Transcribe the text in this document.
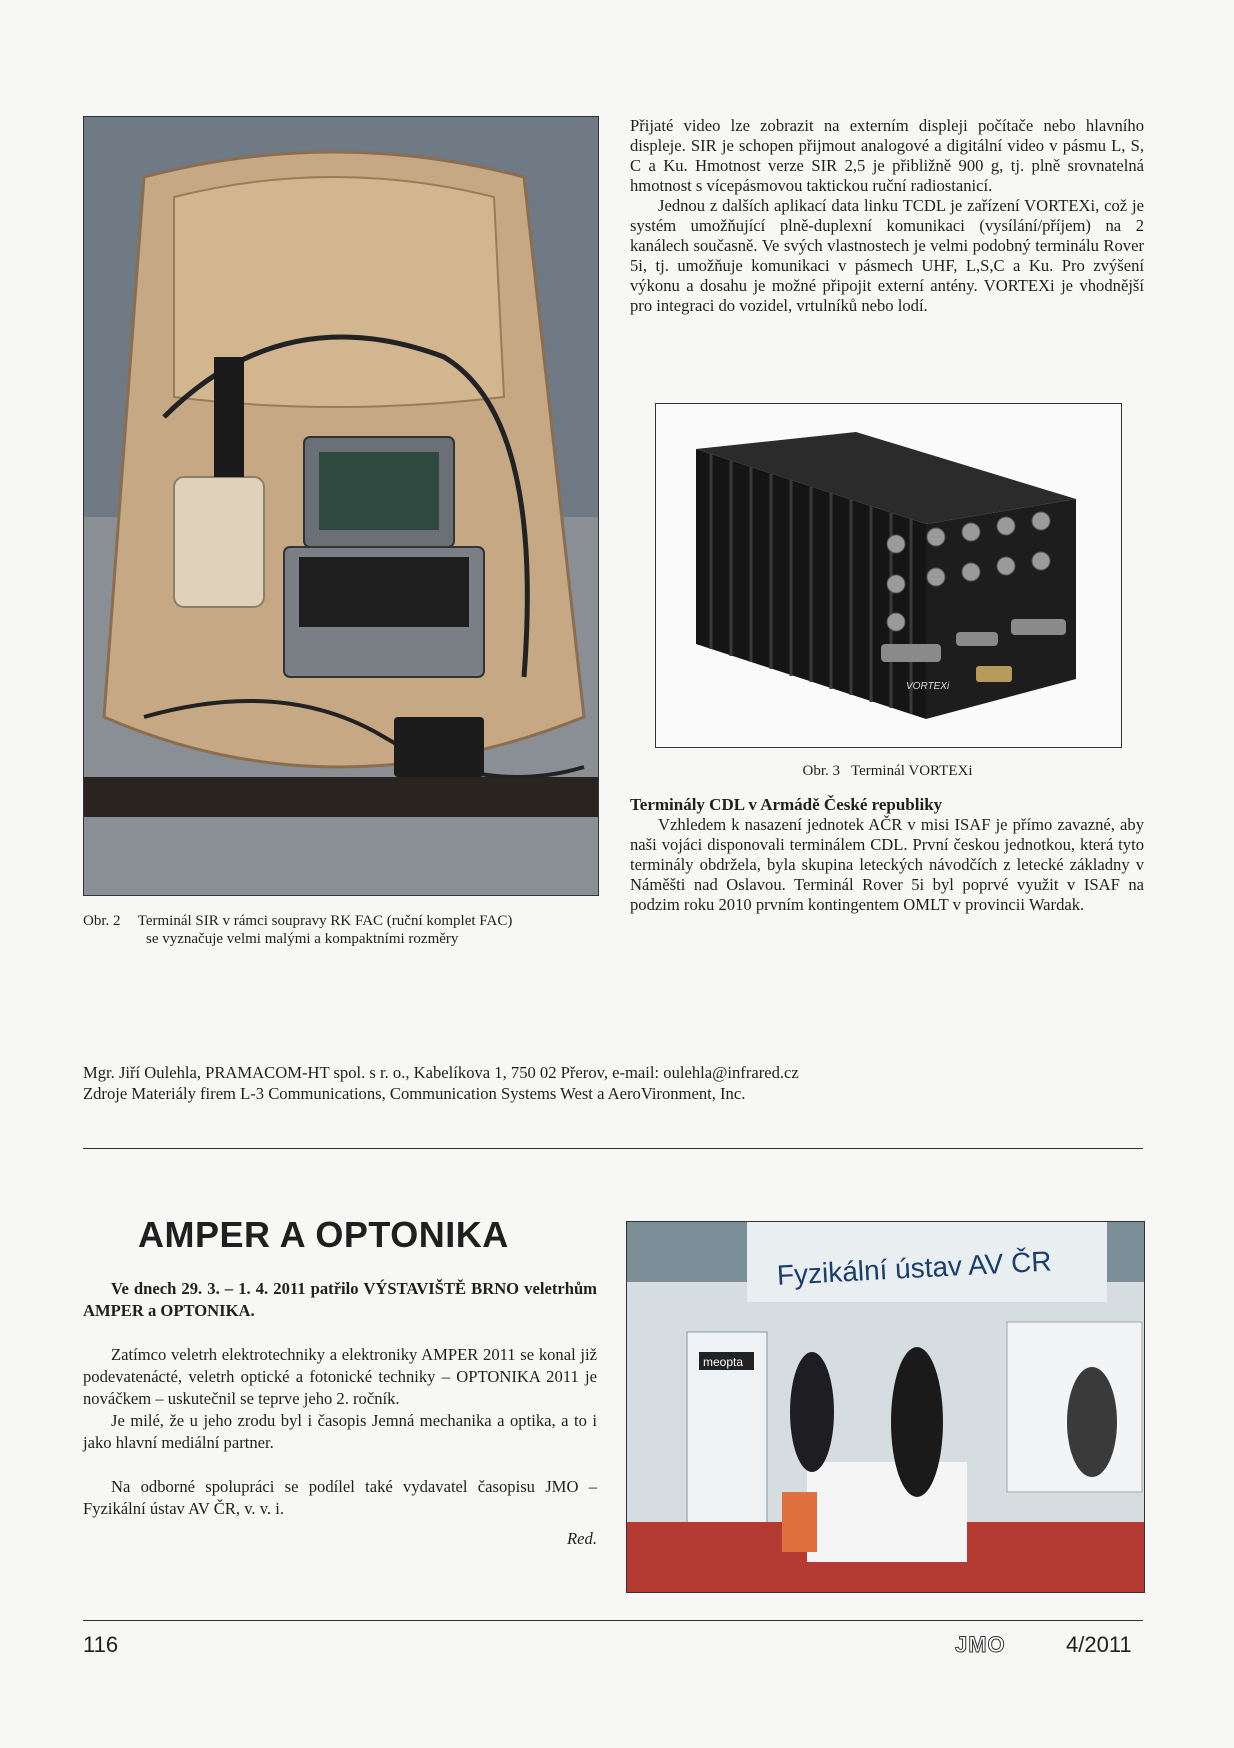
Obr. 2 Terminál SIR v rámci soupravy RK FAC (ruční komplet FAC)

se vyznačuje velmi malými a kompaktními rozměry

Přijaté video lze zobrazit na externím displeji počítače nebo hlavního displeje. SIR je schopen přijmout analogové a digitální video v pásmu L, S, C a Ku. Hmotnost verze SIR 2,5 je přibližně 900 g, tj. plně srovnatelná hmotnost s vícepásmovou taktickou ruční radiostanicí.

Jednou z dalších aplikací data linku TCDL je zařízení VORTEXi, což je systém umožňující plně-duplexní komunikaci (vysílání/příjem) na 2 kanálech současně. Ve svých vlastnostech je velmi podobný terminálu Rover 5i, tj. umožňuje komunikaci v pásmech UHF, L,S,C a Ku. Pro zvýšení výkonu a dosahu je možné připojit externí antény. VORTEXi je vhodnější pro integraci do vozidel, vrtulníků nebo lodí.

VORTEXi
Obr. 3   Terminál VORTEXi

Terminály CDL v Armádě České republiky

Vzhledem k nasazení jednotek AČR v misi ISAF je přímo zavazné, aby naši vojáci disponovali terminálem CDL. První českou jednotkou, která tyto terminály obdržela, byla skupina leteckých návodčích z letecké základny v Náměšti nad Oslavou. Terminál Rover 5i byl poprvé využit v ISAF na podzim roku 2010 prvním kontingentem OMLT v provincii Wardak.

Mgr. Jiří Oulehla, PRAMACOM-HT spol. s r. o., Kabelíkova 1, 750 02 Přerov, e-mail: oulehla@infrared.cz
Zdroje Materiály firem L-3 Communications, Communication Systems West a AeroVironment, Inc.
AMPER A OPTONIKA

Ve dnech 29. 3. – 1. 4. 2011 patřilo VÝSTAVIŠTĚ BRNO veletrhům AMPER a OPTONIKA.

Zatímco veletrh elektrotechniky a elektroniky AMPER 2011 se konal již podevatenácté, veletrh optické a fotonické techniky – OPTONIKA 2011 je nováčkem – uskutečnil se teprve jeho 2. ročník.

Je milé, že u jeho zrodu byl i časopis Jemná mechanika a optika, a to i jako hlavní mediální partner.

Na odborné spolupráci se podílel také vydavatel časopisu JMO – Fyzikální ústav AV ČR, v. v. i.

Red.

Fyzikální ústav AV ČR
meopta
116	JMO	4/2011
